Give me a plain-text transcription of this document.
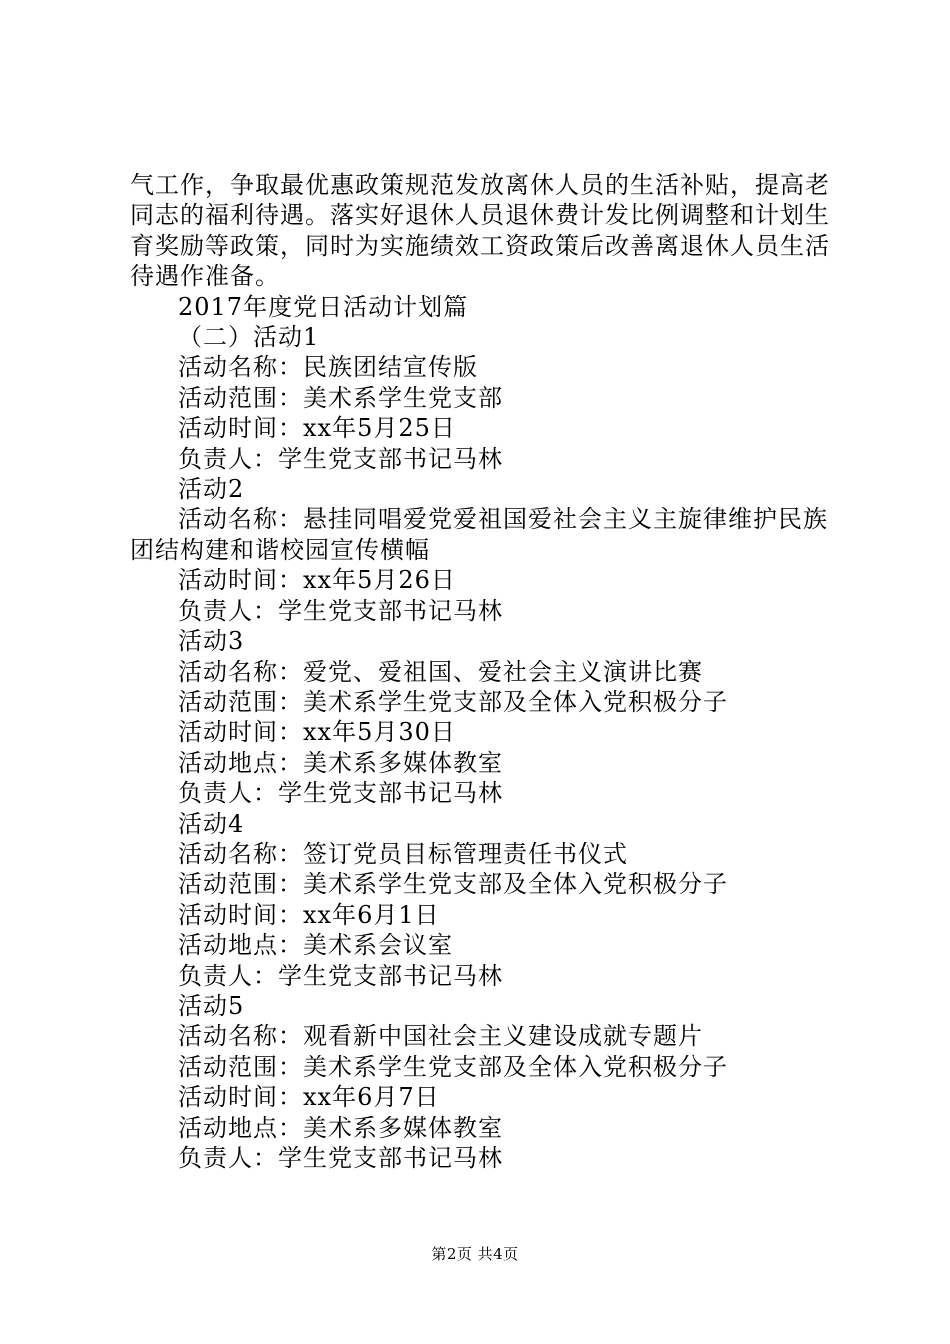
气工作，争取最优惠政策规范发放离休人员的生活补贴，提高老同志的福利待遇。落实好退休人员退休费计发比例调整和计划生育奖励等政策，同时为实施绩效工资政策后改善离退休人员生活待遇作准备。

2017年度党日活动计划篇

（二）活动1

活动名称：民族团结宣传版

活动范围：美术系学生党支部

活动时间：xx年5月25日

负责人：学生党支部书记马林

活动2

活动名称：悬挂同唱爱党爱祖国爱社会主义主旋律维护民族团结构建和谐校园宣传横幅

活动时间：xx年5月26日

负责人：学生党支部书记马林

活动3

活动名称：爱党、爱祖国、爱社会主义演讲比赛

活动范围：美术系学生党支部及全体入党积极分子

活动时间：xx年5月30日

活动地点：美术系多媒体教室

负责人：学生党支部书记马林

活动4

活动名称：签订党员目标管理责任书仪式

活动范围：美术系学生党支部及全体入党积极分子

活动时间：xx年6月1日

活动地点：美术系会议室

负责人：学生党支部书记马林

活动5

活动名称：观看新中国社会主义建设成就专题片

活动范围：美术系学生党支部及全体入党积极分子

活动时间：xx年6月7日

活动地点：美术系多媒体教室

负责人：学生党支部书记马林

第2页 共4页
